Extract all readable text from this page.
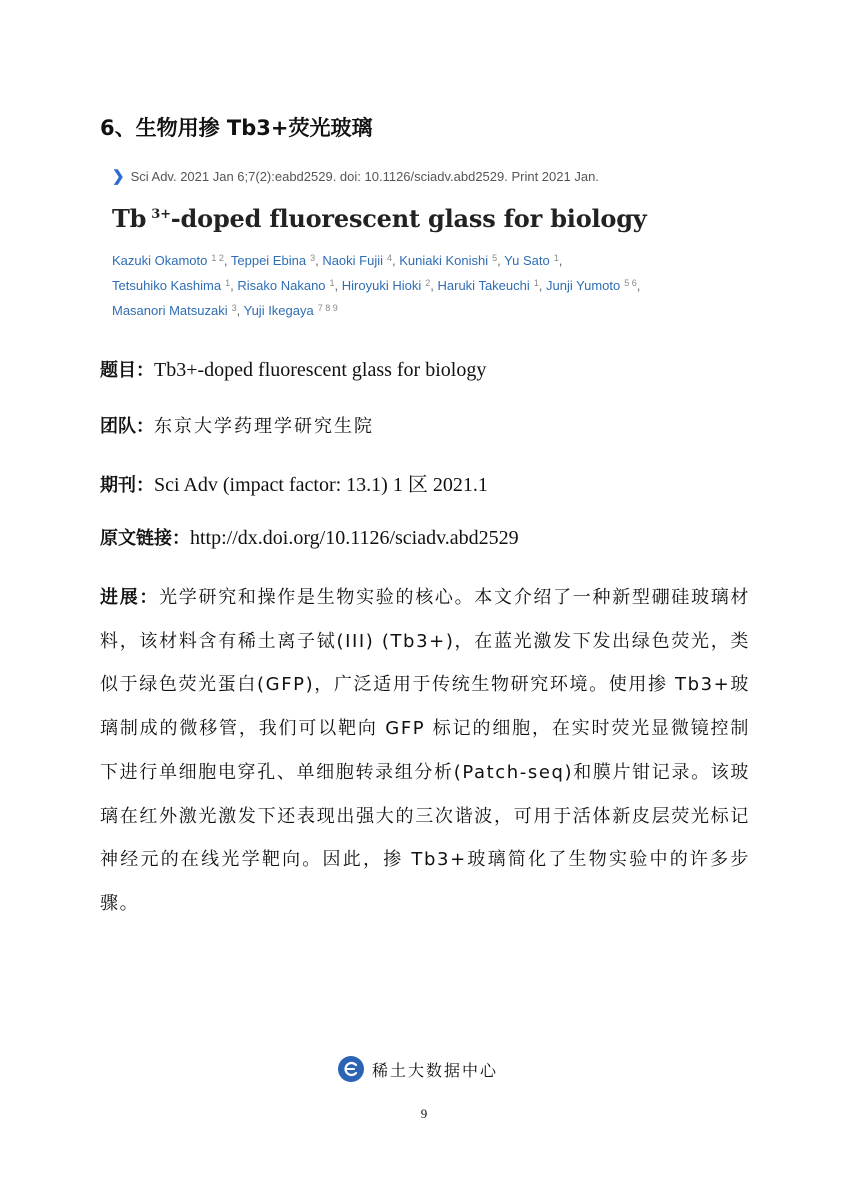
6、生物用掺 Tb3+荧光玻璃
❯ Sci Adv. 2021 Jan 6;7(2):eabd2529. doi: 10.1126/sciadv.abd2529. Print 2021 Jan.
Tb $^{3+}$-doped fluorescent glass for biology
Kazuki Okamoto $^{1 2}$, Teppei Ebina $^3$, Naoki Fujii $^4$, Kuniaki Konishi $^5$, Yu Sato $^1$,
Tetsuhiko Kashima $^1$, Risako Nakano $^1$, Hiroyuki Hioki $^2$, Haruki Takeuchi $^1$, Junji Yumoto $^{5 6}$,
Masanori Matsuzaki $^3$, Yuji Ikegaya $^{7 8 9}$
题目：Tb3+-doped fluorescent glass for biology
团队：东京大学药理学研究生院
期刊：Sci Adv (impact factor: 13.1) 1 区 2021.1
原文链接：http://dx.doi.org/10.1126/sciadv.abd2529
进展：光学研究和操作是生物实验的核心。本文介绍了一种新型硼硅玻璃材料，该材料含有稀土离子铽(III) (Tb3+)，在蓝光激发下发出绿色荧光，类似于绿色荧光蛋白(GFP)，广泛适用于传统生物研究环境。使用掺 Tb3+玻璃制成的微移管，我们可以靶向 GFP 标记的细胞，在实时荧光显微镜控制下进行单细胞电穿孔、单细胞转录组分析(Patch-seq)和膜片钳记录。该玻璃在红外激光激发下还表现出强大的三次谐波，可用于活体新皮层荧光标记神经元的在线光学靶向。因此，掺 Tb3+玻璃简化了生物实验中的许多步骤。
稀土大数据中心
9
